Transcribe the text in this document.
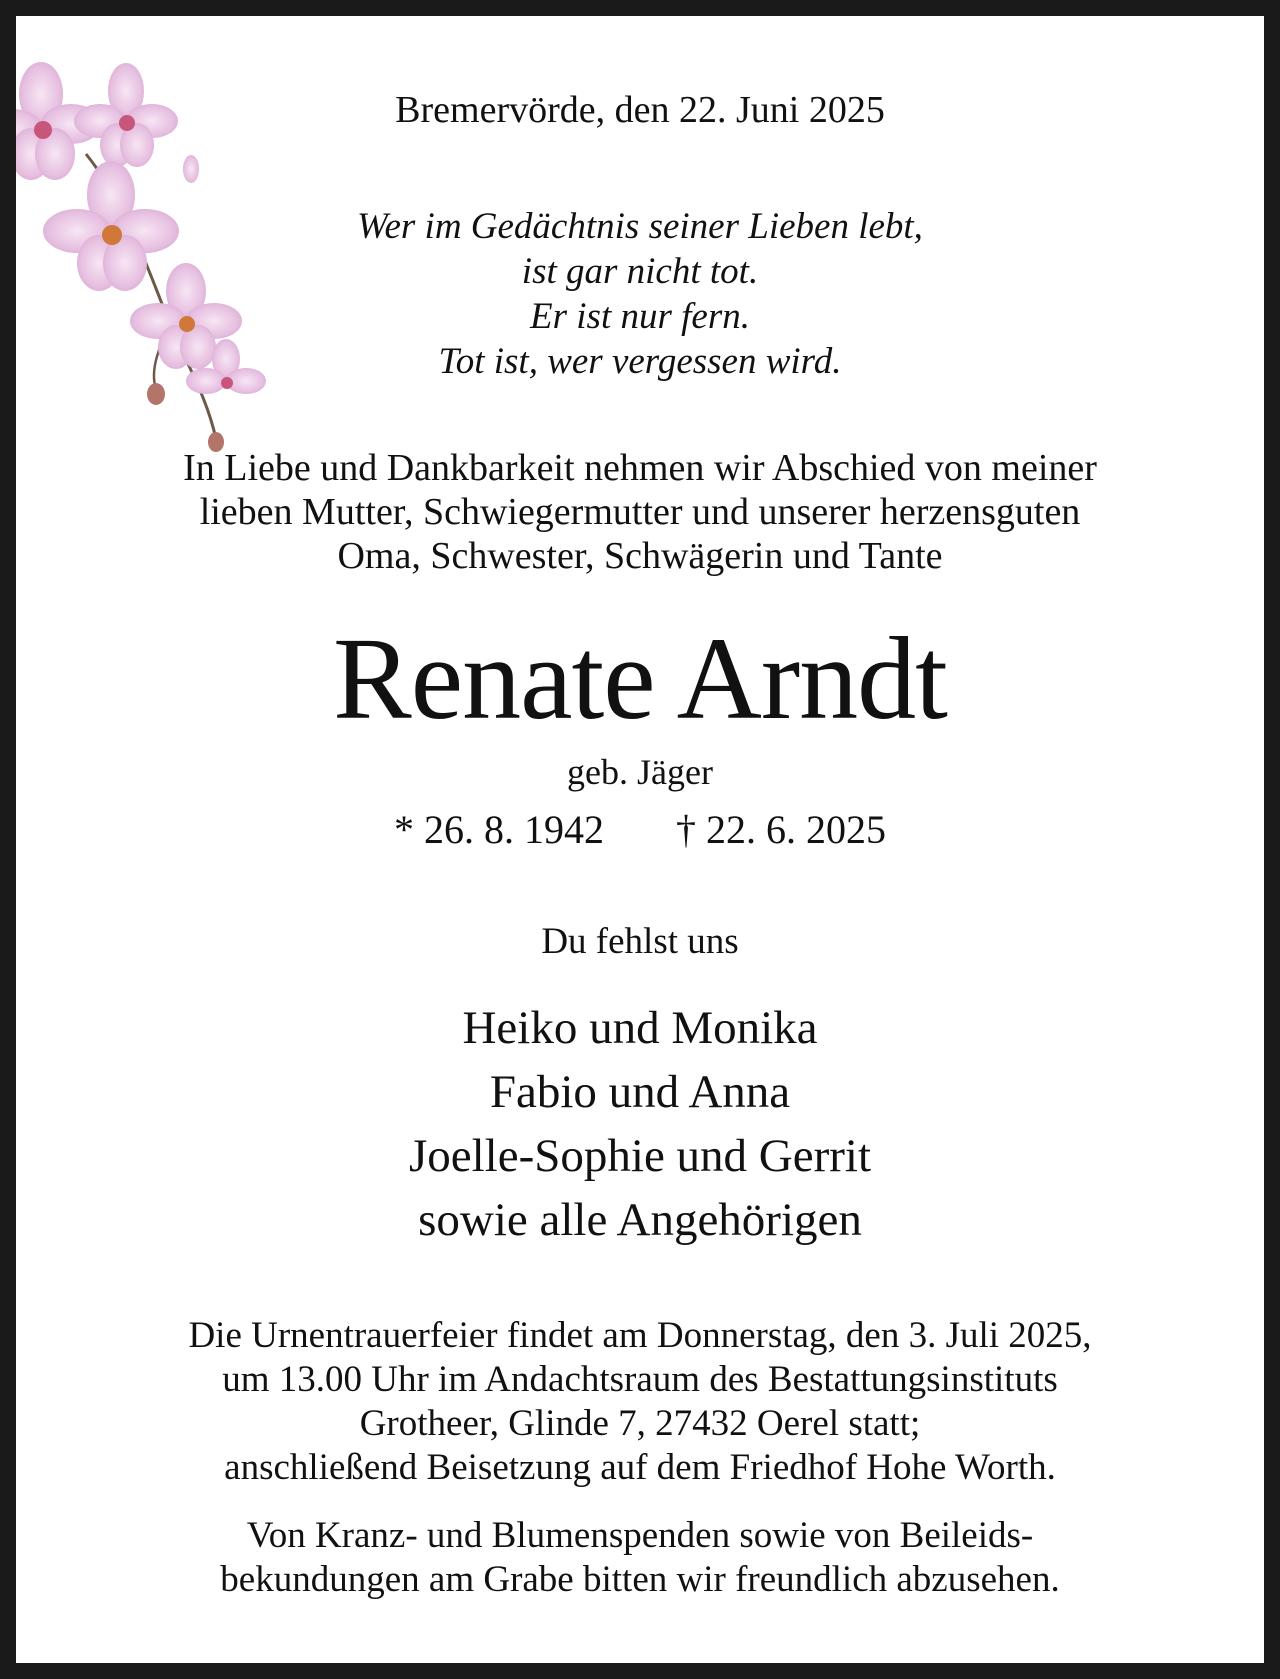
Bremervörde, den 22. Juni 2025
Wer im Gedächtnis seiner Lieben lebt,
ist gar nicht tot.
Er ist nur fern.
Tot ist, wer vergessen wird.
In Liebe und Dankbarkeit nehmen wir Abschied von meiner
lieben Mutter, Schwiegermutter und unserer herzensguten
Oma, Schwester, Schwägerin und Tante
Renate Arndt
geb. Jäger
* 26. 8. 1942 † 22. 6. 2025
Du fehlst uns
Heiko und Monika
Fabio und Anna
Joelle-Sophie und Gerrit
sowie alle Angehörigen
Die Urnentrauerfeier findet am Donnerstag, den 3. Juli 2025,
um 13.00 Uhr im Andachtsraum des Bestattungsinstituts
Grotheer, Glinde 7, 27432 Oerel statt;
anschließend Beisetzung auf dem Friedhof Hohe Worth.
Von Kranz- und Blumenspenden sowie von Beileids-
bekundungen am Grabe bitten wir freundlich abzusehen.
